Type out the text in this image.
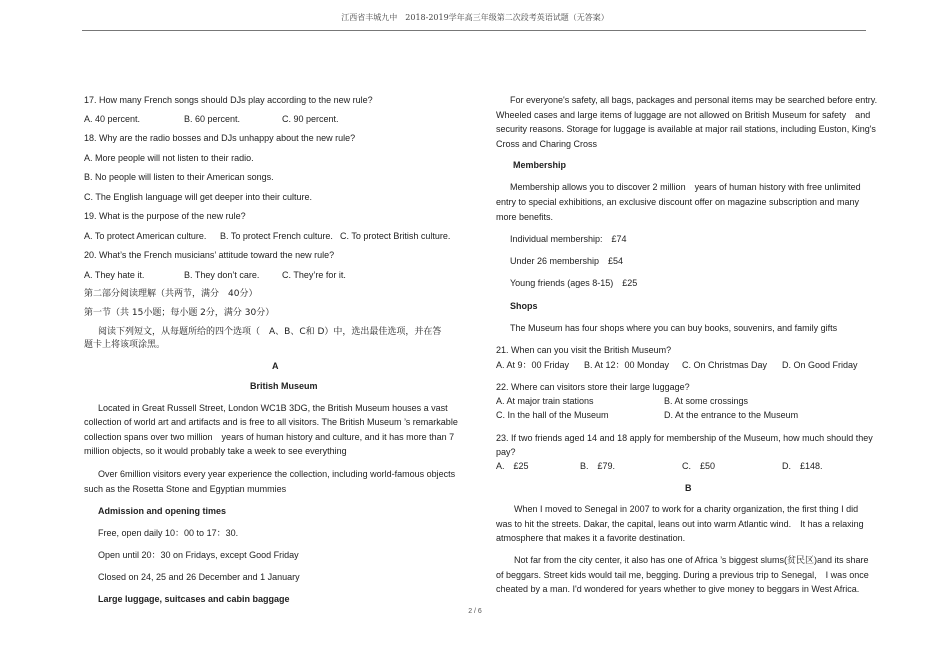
江西省丰城九中　2018-2019学年高三年级第二次段考英语试题（无答案）
17. How many French songs should DJs play according to the new rule?
A. 40 percent.	B. 60 percent.	C. 90 percent.
18. Why are the radio bosses and DJs unhappy about the new rule?
A. More people will not listen to their radio.
B. No people will listen to their American songs.
C. The English language will get deeper into their culture.
19. What is the purpose of the new rule?
A. To protect American culture. B. To protect French culture. C. To protect British culture.
20. What’s the French musicians’ attitude toward the new rule?
A. They hate it.	B. They don’t care.	C. They’re for it.
第二部分阅读理解（共两节，满分　40分）
第一节（共 15小题；每小题 2分，满分 30分）
阅读下列短文，从每题所给的四个选项（　A、B、C和 D）中，选出最佳选项，并在答
题卡上将该项涂黑。
A
British Museum
Located in Great Russell Street, London WC1B 3DG, the British Museum houses a vast
collection of world art and artifacts and is free to all visitors. The British Museum ’s remarkable
collection spans over two million　years of human history and culture, and it has more than 7
million objects, so it would probably take a week to see everything
Over 6million visitors every year experience the collection, including world-famous objects
such as the Rosetta Stone and Egyptian mummies
Admission and opening times
Free, open daily 10：00 to 17：30.
Open until 20：30 on Fridays, except Good Friday
Closed on 24, 25 and 26 December and 1 January
Large luggage, suitcases and cabin baggage
For everyone's safety, all bags, packages and personal items may be searched before entry.
Wheeled cases and large items of luggage are not allowed on British Museum for safety　and
security reasons. Storage for luggage is available at major rail stations, including Euston, King's
Cross and Charing Cross
Membership
Membership allows you to discover 2 million　years of human history with free unlimited
entry to special exhibitions, an exclusive discount offer on magazine subscription and many
more benefits.
Individual membership:　£74
Under 26 membership　£54
Young friends (ages 8-15)　£25
Shops
The Museum has four shops where you can buy books, souvenirs, and family gifts
21. When can you visit the British Museum?
A. At 9：00 Friday B. At 12：00 Monday C. On Christmas Day D. On Good Friday
22. Where can visitors store their large luggage?
A. At major train stations	B. At some crossings
C. In the hall of the Museum	D. At the entrance to the Museum
23. If two friends aged 14 and 18 apply for membership of the Museum, how much should they
pay?
A.　£25	B.　£79.	C.　£50	D.　£148.
B
When I moved to Senegal in 2007 to work for a charity organization, the first thing I did
was to hit the streets. Dakar, the capital, leans out into warm Atlantic wind.　It has a relaxing
atmosphere that makes it a favorite destination.
Not far from the city center, it also has one of Africa ’s biggest slums(贫民区)and its share
of beggars. Street kids would tail me, begging. During a previous trip to Senegal,　I was once
cheated by a man. I'd wondered for years whether to give money to beggars in West Africa.
2 / 6
